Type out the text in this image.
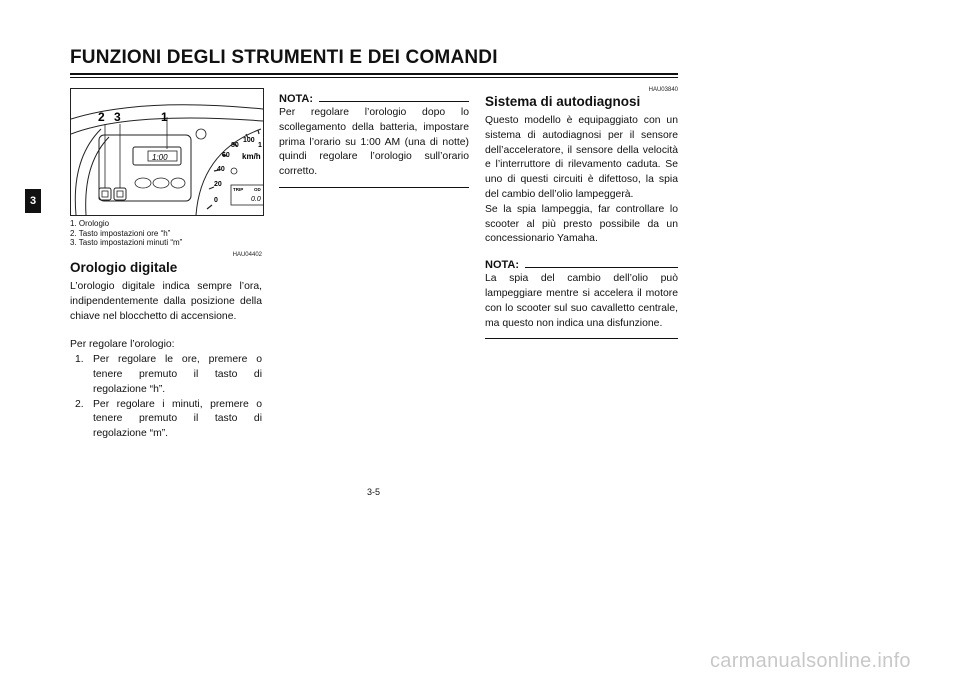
FUNZIONI DEGLI STRUMENTI E DEI COMANDI
3
1:00
2 3	1
0
20
40
60
80
100
1
km/h
TRIP OD
0.0
1. Orologio
2. Tasto impostazioni ore “h”
3. Tasto impostazioni minuti “m”
HAU04402
Orologio digitale

L’orologio digitale indica sempre l’ora, indipendentemente dalla posizione della chiave nel blocchetto di accensione.

Per regolare l’orologio:

1. Per regolare le ore, premere o tenere premuto il tasto di regolazione “h”.
2. Per regolare i minuti, premere o tenere premuto il tasto di regolazione “m”.
NOTA:
Per regolare l’orologio dopo lo scollegamento della batteria, impostare prima l’orario su 1:00 AM (una di notte) quindi regolare l’orologio sull’orario corretto.
HAU03840
Sistema di autodiagnosi

Questo modello è equipaggiato con un sistema di autodiagnosi per il sensore dell’acceleratore, il sensore della velocità e l’interruttore di rilevamento caduta. Se uno di questi circuiti è difettoso, la spia del cambio dell’olio lampeggerà.

Se la spia lampeggia, far controllare lo scooter al più presto possibile da un concessionario Yamaha.

NOTA:
La spia del cambio dell’olio può lampeggiare mentre si accelera il motore con lo scooter sul suo cavalletto centrale, ma questo non indica una disfunzione.
3-5
carmanualsonline.info
